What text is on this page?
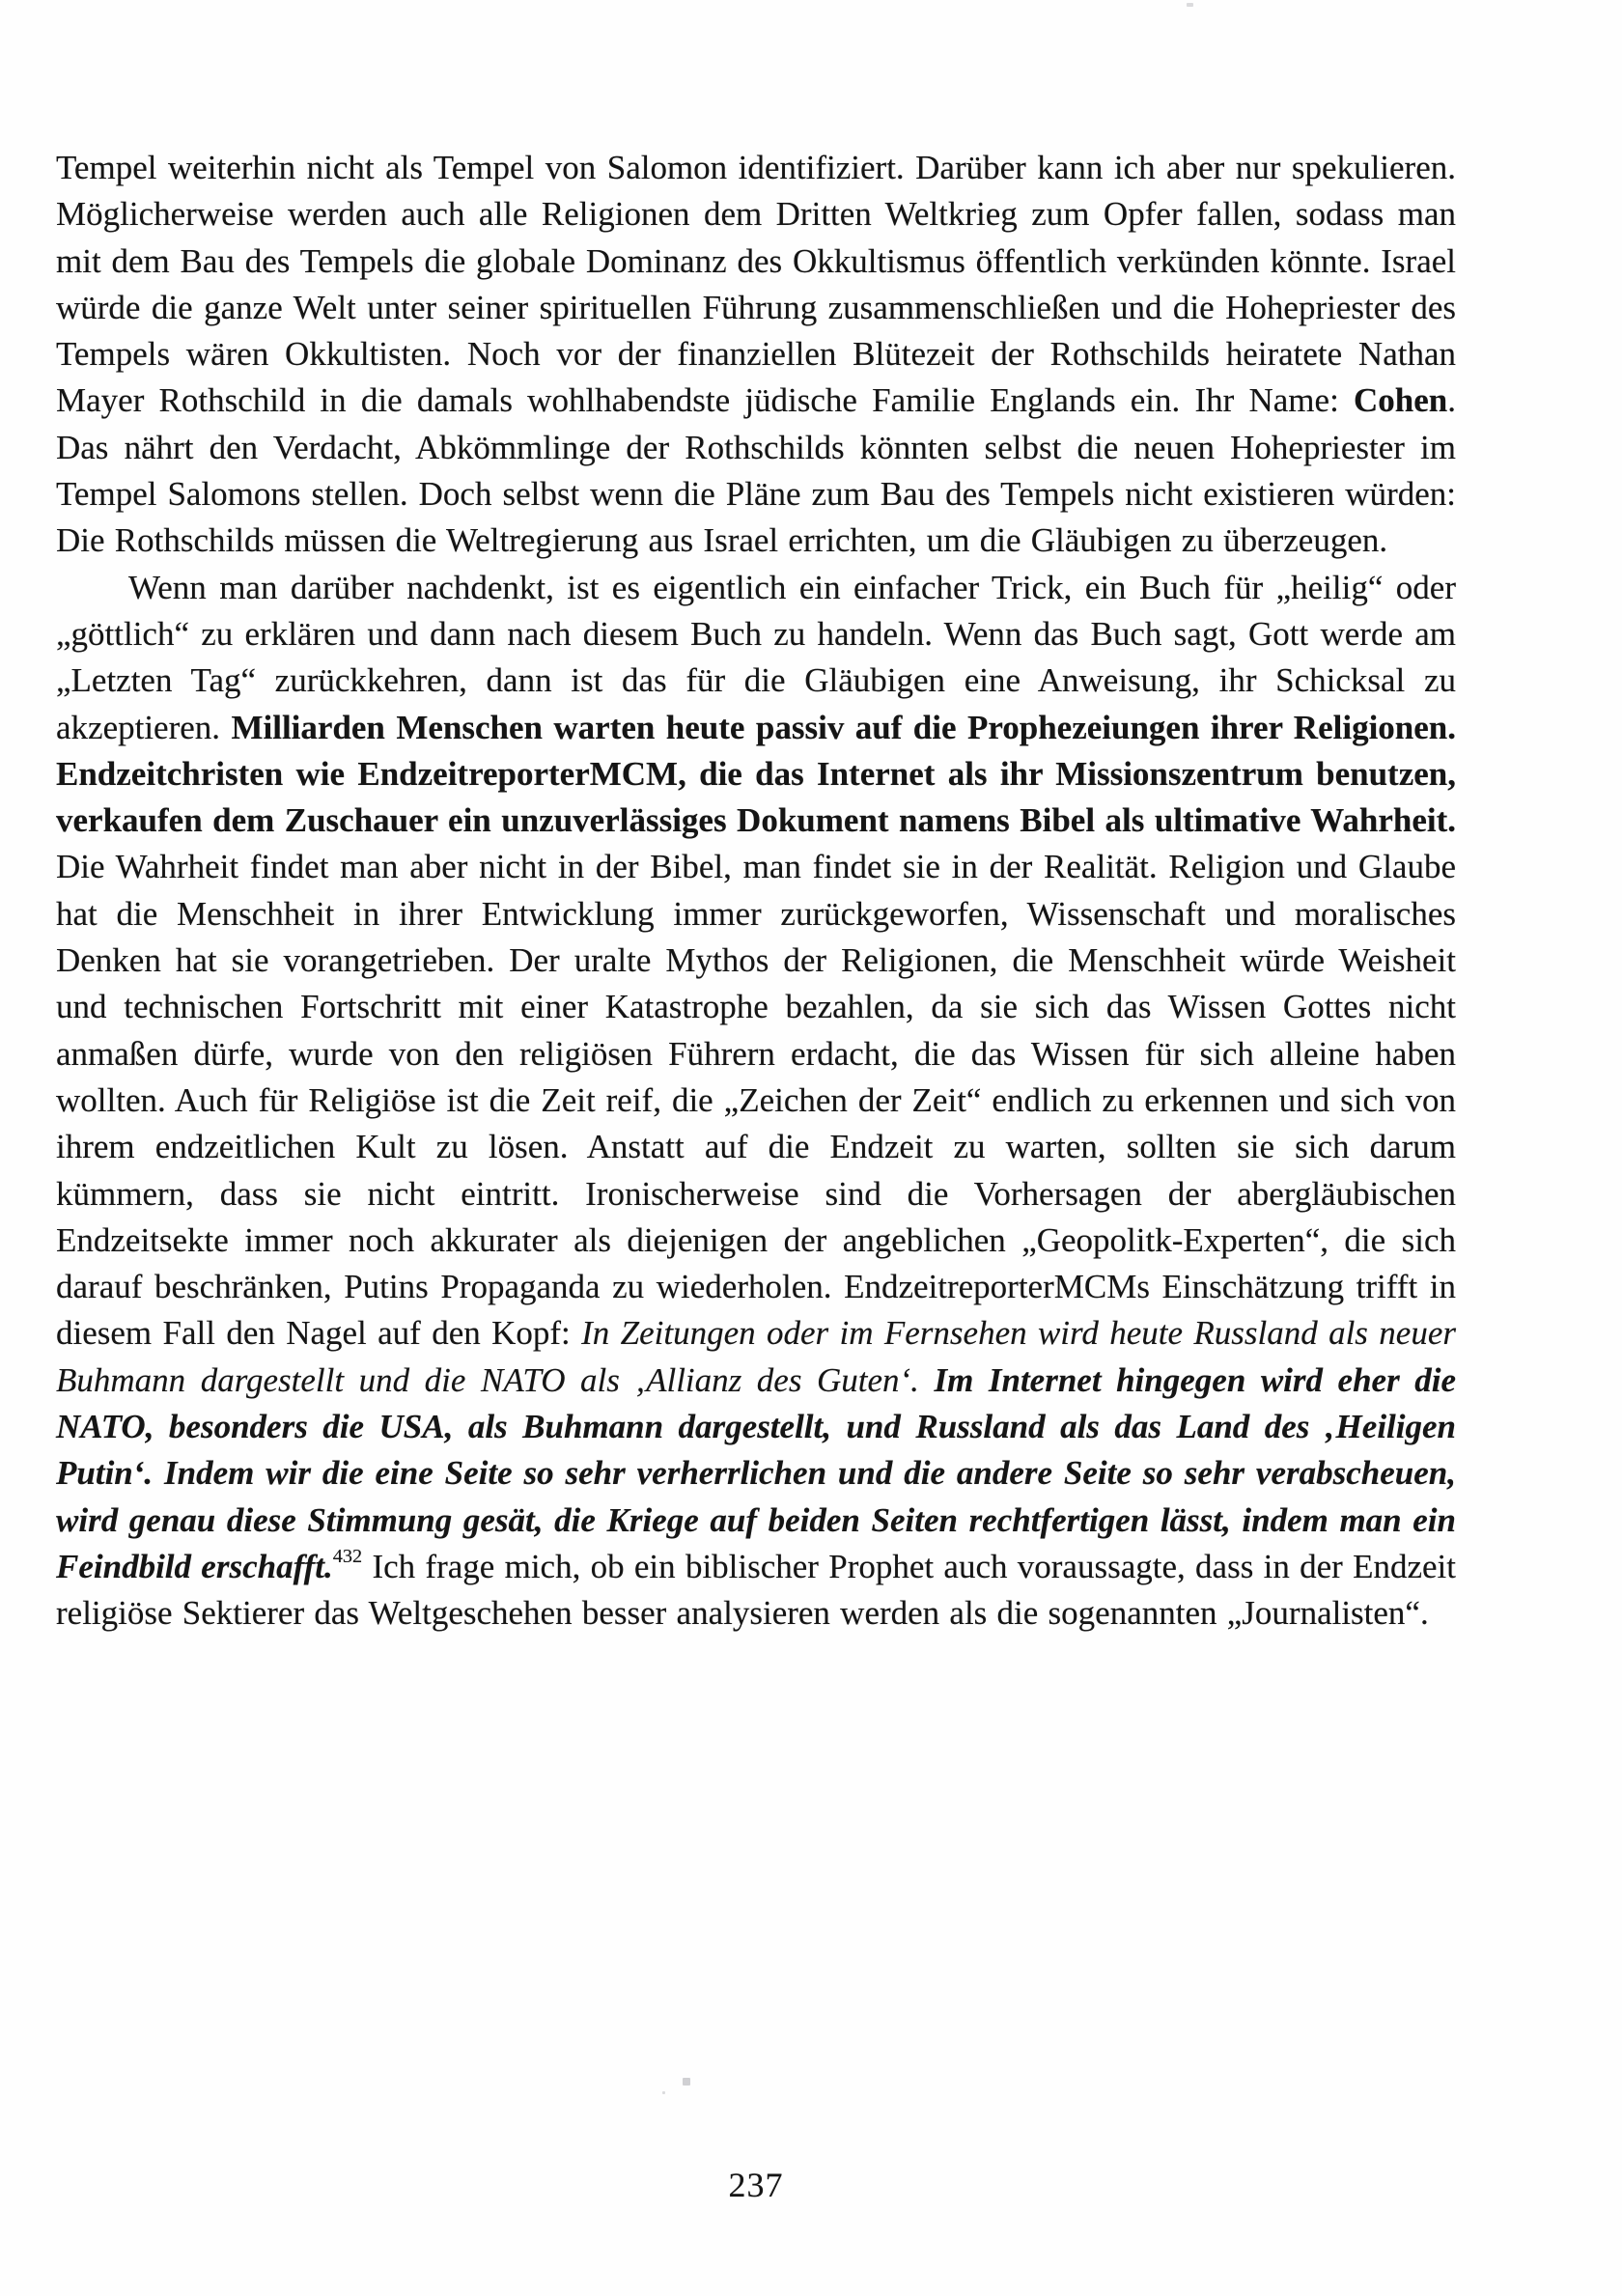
Tempel weiterhin nicht als Tempel von Salomon identifiziert. Darüber kann ich aber nur spekulieren. Möglicherweise werden auch alle Religionen dem Dritten Weltkrieg zum Opfer fallen, sodass man mit dem Bau des Tempels die globale Dominanz des Okkultismus öffentlich verkünden könnte. Israel würde die ganze Welt unter seiner spirituellen Führung zusammenschließen und die Hohepriester des Tempels wären Okkultisten. Noch vor der finanziellen Blütezeit der Rothschilds heiratete Nathan Mayer Rothschild in die damals wohlhabendste jüdische Familie Englands ein. Ihr Name: Cohen. Das nährt den Verdacht, Abkömmlinge der Rothschilds könnten selbst die neuen Hohepriester im Tempel Salomons stellen. Doch selbst wenn die Pläne zum Bau des Tempels nicht existieren würden: Die Rothschilds müssen die Weltregierung aus Israel errichten, um die Gläubigen zu überzeugen.

Wenn man darüber nachdenkt, ist es eigentlich ein einfacher Trick, ein Buch für „heilig“ oder „göttlich“ zu erklären und dann nach diesem Buch zu handeln. Wenn das Buch sagt, Gott werde am „Letzten Tag“ zurückkehren, dann ist das für die Gläubigen eine Anweisung, ihr Schicksal zu akzeptieren. Milliarden Menschen warten heute passiv auf die Prophezeiungen ihrer Religionen. Endzeitchristen wie EndzeitreporterMCM, die das Internet als ihr Missionszentrum benutzen, verkaufen dem Zuschauer ein unzuverlässiges Dokument namens Bibel als ultimative Wahrheit. Die Wahrheit findet man aber nicht in der Bibel, man findet sie in der Realität. Religion und Glaube hat die Menschheit in ihrer Entwicklung immer zurückgeworfen, Wissenschaft und moralisches Denken hat sie vorangetrieben. Der uralte Mythos der Religionen, die Menschheit würde Weisheit und technischen Fortschritt mit einer Katastrophe bezahlen, da sie sich das Wissen Gottes nicht anmaßen dürfe, wurde von den religiösen Führern erdacht, die das Wissen für sich alleine haben wollten. Auch für Religiöse ist die Zeit reif, die „Zeichen der Zeit“ endlich zu erkennen und sich von ihrem endzeitlichen Kult zu lösen. Anstatt auf die Endzeit zu warten, sollten sie sich darum kümmern, dass sie nicht eintritt. Ironischerweise sind die Vorhersagen der abergläubischen Endzeitsekte immer noch akkurater als diejenigen der angeblichen „Geopolitk-Experten“, die sich darauf beschränken, Putins Propaganda zu wiederholen. EndzeitreporterMCMs Einschätzung trifft in diesem Fall den Nagel auf den Kopf: In Zeitungen oder im Fernsehen wird heute Russland als neuer Buhmann dargestellt und die NATO als ‚Allianz des Guten‘. Im Internet hingegen wird eher die NATO, besonders die USA, als Buhmann dargestellt, und Russland als das Land des ‚Heiligen Putin‘. Indem wir die eine Seite so sehr verherrlichen und die andere Seite so sehr verabscheuen, wird genau diese Stimmung gesät, die Kriege auf beiden Seiten rechtfertigen lässt, indem man ein Feindbild erschafft.$^{432}$ Ich frage mich, ob ein biblischer Prophet auch voraussagte, dass in der Endzeit religiöse Sektierer das Weltgeschehen besser analysieren werden als die sogenannten „Journalisten“.

237
